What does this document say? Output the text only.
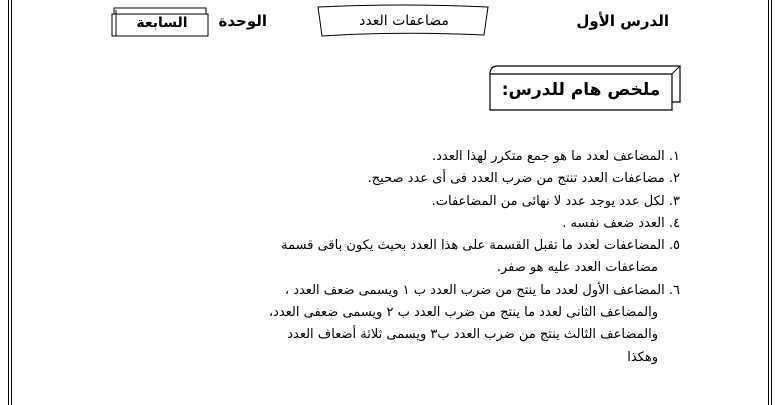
الدرس الأول
مضاعفات العدد
الوحدة
السابعة
ملخص هام للدرس:
١. المضاعف لعدد ما هو جمع متكرر لهذا العدد.
٢. مضاعفات العدد تنتج من ضرب العدد فى أى عدد صحيح.
٣. لكل عدد يوجد عدد لا نهائى من المضاعفات.
٤. العدد ضعف نفسه .
٥. المضاعفات لعدد ما تقبل القسمة على هذا العدد بحيث يكون باقى قسمة
مضاعفات العدد عليه هو صفر.
٦. المضاعف الأول لعدد ما ينتج من ضرب العدد ب ١ ويسمى ضعف العدد ،
والمضاعف الثانى لعدد ما ينتج من ضرب العدد ب ٢ ويسمى ضعفى العدد،
والمضاعف الثالث ينتج من ضرب العدد ب٣ ويسمى ثلاثة أضعاف العدد
وهكذا
